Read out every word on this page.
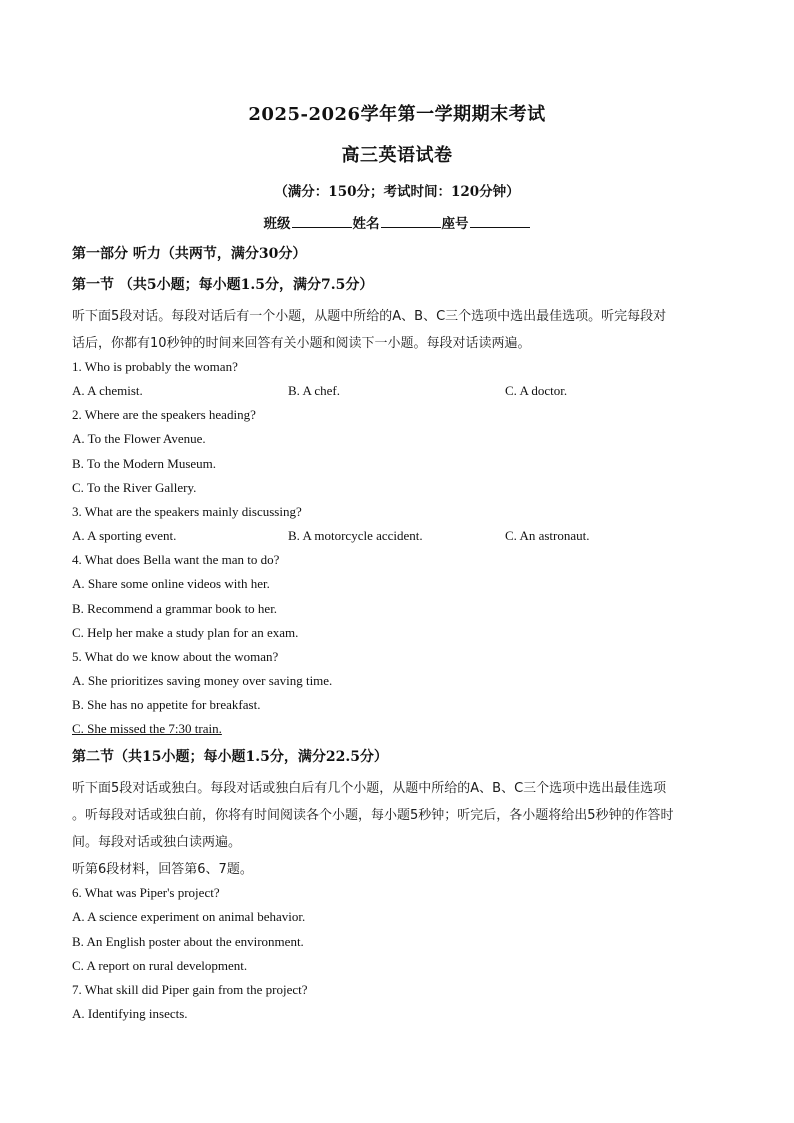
2025-2026学年第一学期期末考试
高三英语试卷
（满分：150分；考试时间：120分钟）
班级	姓名	座号
第一部分 听力（共两节，满分30分）
第一节 （共5小题；每小题1.5分，满分7.5分）
听下面5段对话。每段对话后有一个小题，从题中所给的A、B、C三个选项中选出最佳选项。听完每段对
话后，你都有10秒钟的时间来回答有关小题和阅读下一小题。每段对话读两遍。
1. Who is probably the woman?
A. A chemist.	B. A chef.	C. A doctor.
2. Where are the speakers heading?
A. To the Flower Avenue.
B. To the Modern Museum.
C. To the River Gallery.
3. What are the speakers mainly discussing?
A. A sporting event.	B. A motorcycle accident.	C. An astronaut.
4. What does Bella want the man to do?
A. Share some online videos with her.
B. Recommend a grammar book to her.
C. Help her make a study plan for an exam.
5. What do we know about the woman?
A. She prioritizes saving money over saving time.
B. She has no appetite for breakfast.
C. She missed the 7:30 train.
第二节（共15小题；每小题1.5分，满分22.5分）
听下面5段对话或独白。每段对话或独白后有几个小题，从题中所给的A、B、C三个选项中选出最佳选项
。听每段对话或独白前，你将有时间阅读各个小题，每小题5秒钟；听完后，各小题将给出5秒钟的作答时
间。每段对话或独白读两遍。
听第6段材料，回答第6、7题。
6. What was Piper's project?
A. A science experiment on animal behavior.
B. An English poster about the environment.
C. A report on rural development.
7. What skill did Piper gain from the project?
A. Identifying insects.
